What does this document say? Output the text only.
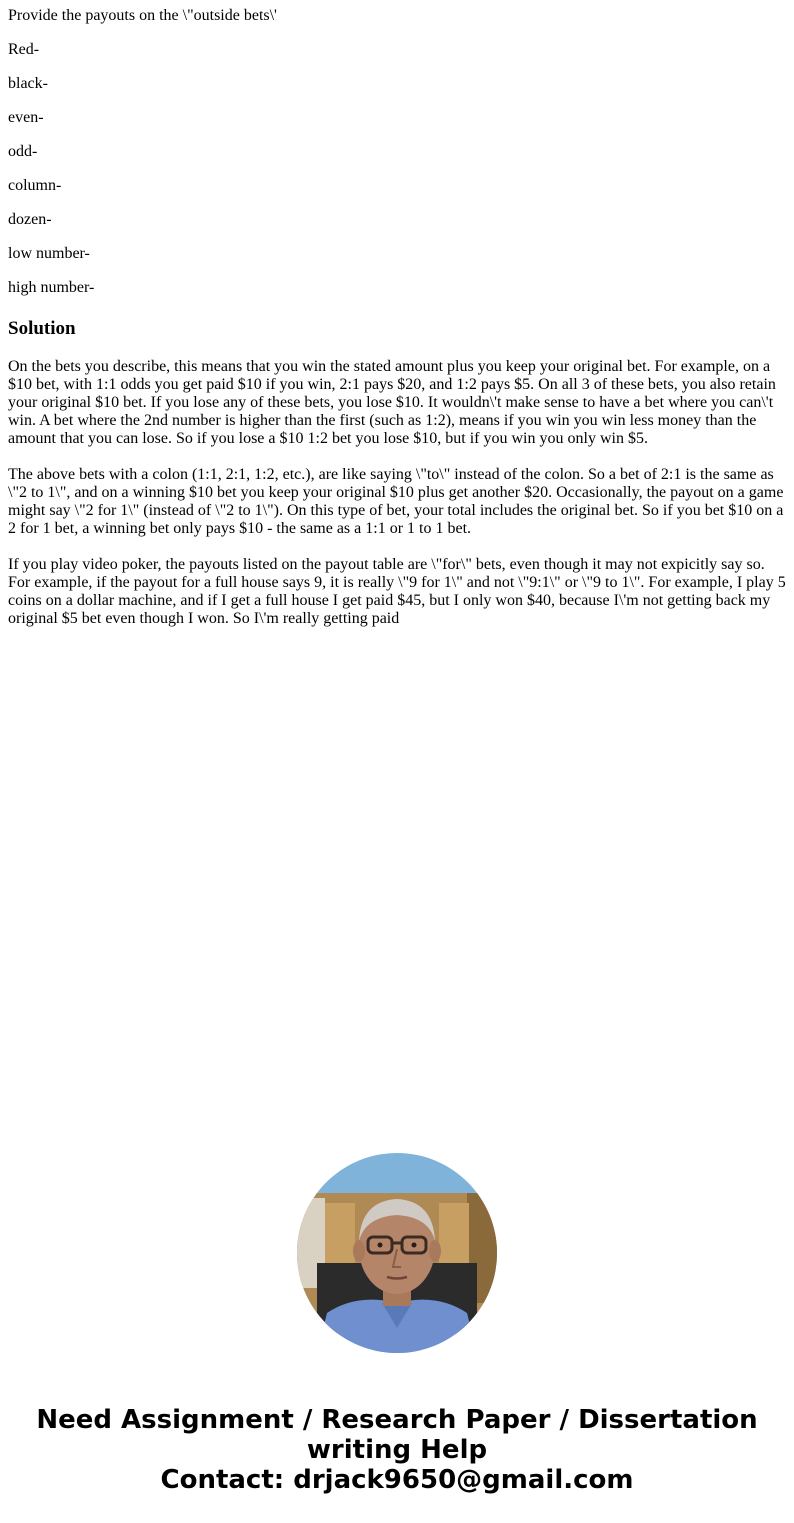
Provide the payouts on the \"outside bets\'

Red-

black-

even-

odd-

column-

dozen-

low number-

high number-

Solution

On the bets you describe, this means that you win the stated amount plus you keep your original bet. For example, on a $10 bet, with 1:1 odds you get paid $10 if you win, 2:1 pays $20, and 1:2 pays $5. On all 3 of these bets, you also retain your original $10 bet. If you lose any of these bets, you lose $10. It wouldn\'t make sense to have a bet where you can\'t win. A bet where the 2nd number is higher than the first (such as 1:2), means if you win you win less money than the amount that you can lose. So if you lose a $10 1:2 bet you lose $10, but if you win you only win $5.

The above bets with a colon (1:1, 2:1, 1:2, etc.), are like saying \"to\" instead of the colon. So a bet of 2:1 is the same as \"2 to 1\", and on a winning $10 bet you keep your original $10 plus get another $20. Occasionally, the payout on a game might say \"2 for 1\" (instead of \"2 to 1\"). On this type of bet, your total includes the original bet. So if you bet $10 on a 2 for 1 bet, a winning bet only pays $10 - the same as a 1:1 or 1 to 1 bet.

If you play video poker, the payouts listed on the payout table are \"for\" bets, even though it may not expicitly say so. For example, if the payout for a full house says 9, it is really \"9 for 1\" and not \"9:1\" or \"9 to 1\". For example, I play 5 coins on a dollar machine, and if I get a full house I get paid $45, but I only won $40, because I\'m not getting back my original $5 bet even though I won. So I\'m really getting paid

Need Assignment / Research Paper / Dissertation
writing Help
Contact: drjack9650@gmail.com
